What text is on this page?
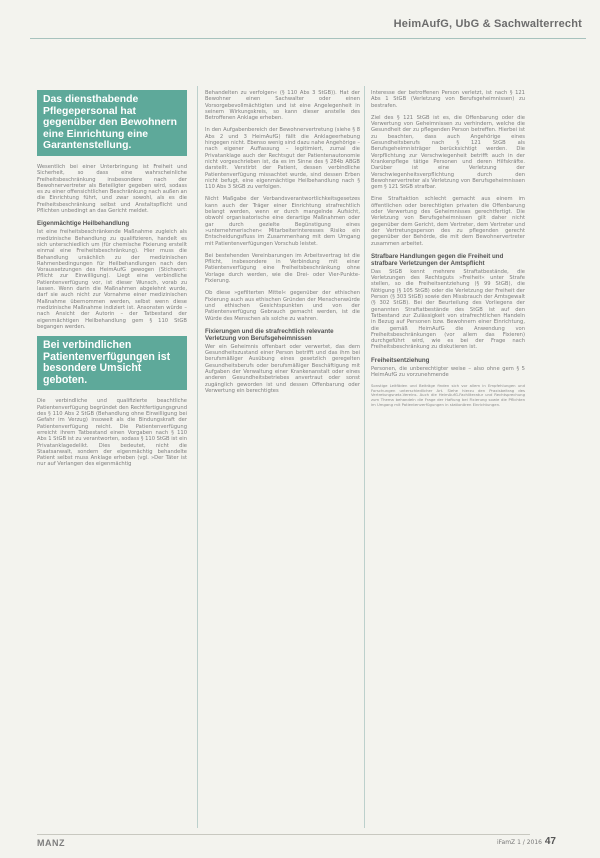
HeimAufG, UbG & Sachwalterrecht
Das diensthabende Pflegepersonal hat gegenüber den Bewohnern eine Einrichtung eine Garantenstellung.

Wesentlich bei einer Unterbringung ist Freiheit und Sicherheit, so dass eine wahrscheinliche Freiheitsbeschränkung insbesondere nach der Bewohnervertreter als Beteiligter gegeben wird, sodass es zu einer offensichtlichen Beschränkung nach außen an die Einrichtung führt, und zwar sowohl, als es die Freiheitsbeschränkung selbst und Anstaltspflicht und Pflichten unbedingt an das Gericht meldet.

Eigenmächtige Heilbehandlung

Ist eine freiheitsbeschränkende Maßnahme zugleich als medizinische Behandlung zu qualifizieren, handelt es sich unterschiedlich um (für chemische Fixierung erstellt einmal eine Freiheitsbeschränkung). Hier muss die Behandlung ursächlich zu der medizinischen Rahmenbedingungen für Heilbehandlungen nach den Voraussetzungen des HeimAufG gewogen (Stichwort: Pflicht zur Einwilligung). Liegt eine verbindliche Patientenverfügung vor, ist dieser Wunsch, vorab zu lassen. Wenn darin die Maßnahmen abgelehnt wurde, darf sie auch nicht zur Vornahme einer medizinischen Maßnahme übernommen werden, selbst wenn diese medizinische Maßnahme indiziert ist. Ansonsten würde – nach Ansicht der Autorin – der Tatbestand der eigenmächtigen Heilbehandlung gem § 110 StGB begangen werden.

Bei verbindlichen Patientenverfügungen ist besondere Umsicht geboten.

Die verbindliche und qualifizierte beachtliche Patientenverfügung begründet den Rechtfertigungsgrund des § 110 Abs 2 StGB (Behandlung ohne Einwilligung bei Gefahr im Verzug) insoweit als die Bindungskraft der Patientenverfügung reicht. Die Patientenverfügung erreicht ihrem Tatbestand einen Vorgaben nach § 110 Abs 1 StGB ist zu verantworten, sodass § 110 StGB ist ein Privatanklagedelikt. Dies bedeutet, nicht die Staatsanwalt, sondern der eigenmächtig behandelte Patient selbst muss Anklage erheben (vgl. »Der Täter ist nur auf Verlangen des eigenmächtig

Behandelten zu verfolgen« (§ 110 Abs 3 StGB)). Hat der Bewohner einen Sachwalter oder einen Vorsorgebevollmächtigten und ist eine Angelegenheit in seinem Wirkungskreis, so kann dieser anstelle des Betroffenen Anklage erheben.

In den Aufgabenbereich der Bewohnervertretung (siehe § 8 Abs 2 und 3 HeimAufG) fällt die Anklageerhebung hingegen nicht. Ebenso wenig sind dazu nahe Angehörige – nach eigener Auffassung – legitimiert, zumal die Privatanklage auch der Rechtsgut der Patientenautonomie nicht vorgeschrieben ist, da es im Sinne des § 284b ABGB darstellt. Verstirbt der Patient, dessen verbindliche Patientenverfügung missachtet wurde, sind dessen Erben nicht befugt, eine eigenmächtige Heilbehandlung nach § 110 Abs 3 StGB zu verfolgen.

Nicht Maßgabe der Verbandsverantwortlichkeitsgesetzes kann auch der Träger einer Einrichtung strafrechtlich belangt werden, wenn er durch mangelnde Aufsicht, obwohl organisatorische eine derartige Maßnahmen oder gar durch gezielte Begünstigung eines »unternehmerischen« Mitarbeiterinteresses Risiko ein Entscheidungsfluss im Zusammenhang mit dem Umgang mit Patientenverfügungen Vorschub leistet.

Bei bestehenden Vereinbarungen im Arbeitsvertrag ist die Pflicht, insbesondere in Verbindung mit einer Patientenverfügung eine Freiheitsbeschränkung ohne Vorlage durch werden, wie die Drei- oder Vier-Punkte-Fixierung.

Ob diese »gefilterten Mittel« gegenüber der ethischen Fixierung auch aus ethischen Gründen der Menschenwürde und ethischen Gesichtspunkten und von der Patientenverfügung Gebrauch gemacht werden, ist die Würde des Menschen als solche zu wahren.

Fixierungen und die strafrechtlich relevante Verletzung von Berufsgeheimnissen

Wer ein Geheimnis offenbart oder verwertet, das dem Gesundheitszustand einer Person betrifft und das ihm bei berufsmäßiger Ausübung eines gesetzlich geregelten Gesundheitsberufs oder berufsmäßiger Beschäftigung mit Aufgaben der Verwaltung einer Krankenanstalt oder eines anderen Gesundheitsbetriebes anvertraut oder sonst zugänglich geworden ist und dessen Offenbarung oder Verwertung ein berechtigtes

Interesse der betroffenen Person verletzt, ist nach § 121 Abs 1 StGB (Verletzung von Berufsgeheimnissen) zu bestrafen.

Ziel des § 121 StGB ist es, die Offenbarung oder die Verwertung von Geheimnissen zu verhindern, welche die Gesundheit der zu pflegenden Person betreffen. Hierbei ist zu beachten, dass auch Angehörige eines Gesundheitsberufs nach § 121 StGB als Berufsgeheimnisträger berücksichtigt werden. Die Verpflichtung zur Verschwiegenheit betrifft auch in der Krankenpflege tätige Personen und deren Hilfskräfte. Darüber ist eine Verletzung der Verschwiegenheitsverpflichtung durch den Bewohnervertreter als Verletzung von Berufsgeheimnissen gem § 121 StGB strafbar.

Eine Straftaktion schlecht gemacht aus einem im öffentlichen oder berechtigten privaten die Offenbarung oder Verwertung des Geheimnisses gerechtfertigt. Die Verletzung von Berufsgeheimnissen gilt daher nicht gegenüber dem Gericht, dem Vertreter, dem Vertreter und der Vertretungsperson des zu pflegenden gerecht gegenüber der Behörde, die mit dem Bewohnervertreter zusammen arbeitet.

Strafbare Handlungen gegen die Freiheit und strafbare Verletzungen der Amtspflicht

Das StGB kennt mehrere Straftatbestände, die Verletzungen des Rechtsguts »Freiheit« unter Strafe stellen, so die Freiheitsentziehung (§ 99 StGB), die Nötigung (§ 105 StGB) oder die Verletzung der Freiheit der Person (§ 303 StGB) sowie den Missbrauch der Amtsgewalt (§ 302 StGB). Bei der Beurteilung des Vorliegens der genannten Straftatbestände des StGB ist auf den Tatbestand zur Zulässigkeit von strafrechtlichen Handeln in Bezug auf Personen bzw. Bewohnern einer Einrichtung, die gemäß HeimAufG die Anwendung von Freiheitsbeschränkungen (vor allem das Fixieren) durchgeführt wird, wie es bei der Frage nach Freiheitsbeschränkung zu diskutieren ist.

Freiheitsentziehung

Personen, die unberechtigter weise – also ohne gem § 5 HeimAufG zu vorzunehmende

Sonstige Leitfäden und Beiträge finden sich vor allem in Empfehlungen und Forschungen unterschiedlicher Art. Siehe hierzu den Praxisbeitrag des Vertretungsnetz-Vereins. Auch die HeimAufG-Fachliteratur und Rechtsprechung zum Thema behandeln die Frage der Haftung bei Fixierung sowie die Pflichten im Umgang mit Patientenverfügungen in stationären Einrichtungen.

MANZ	iFamZ 1 / 2016 47
